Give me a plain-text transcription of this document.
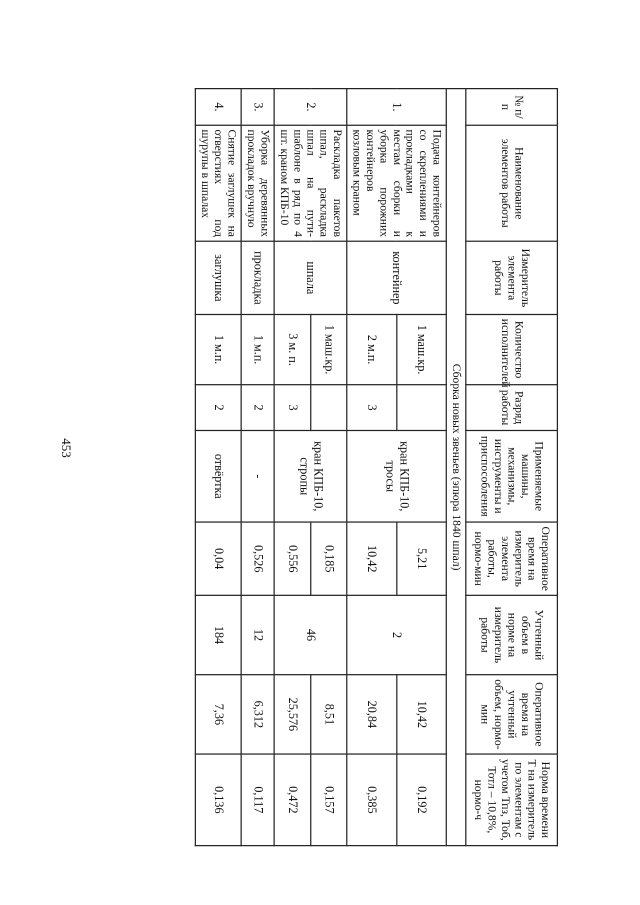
453
№ п/п	Наименование элементов работы	Измеритель элемента работы	Количество исполнителей	Разряд работы	Применяемые машины, механизмы, инструменты и приспособления	Оперативное время на измеритель элемента работы, нормо-мин	Учтенный объем в норме на измеритель работы	Оперативное время на учтенный объем, нормо-мин	Норма времени Т на измеритель по элементам с учетом Тпз, Тоб, Тотл – 10,8%, нормо-ч
Сборка новых звеньев (эпюра 1840 шпал)									
1.	Подача контейнеров со скреплениями и прокладками к местам сборки и уборка порожних контейнеров козловым краном	контейнер	1 маш.кр.		кран КПБ-10, тросы	5,21	2	10,42	0,192
			2 м.п.	3		10,42		20,84	0,385
2.	Раскладка пакетов шпал, раскладка шпал на пути-шаблоне в ряд по 4 шт. краном КПБ-10	шпала	1 маш.кр.		кран КПБ-10, стропы	0,185	46	8,51	0,157
			3 м. п.	3		0,556		25,576	0,472
3.	Уборка деревянных прокладок вручную	прокладка	1 м.п.	2	-	0,526	12	6,312	0,117
4.	Снятие заглушек на отверстиях под шурупы в шпалах	заглушка	1 м.п.	2	отвёртка	0,04	184	7,36	0,136
